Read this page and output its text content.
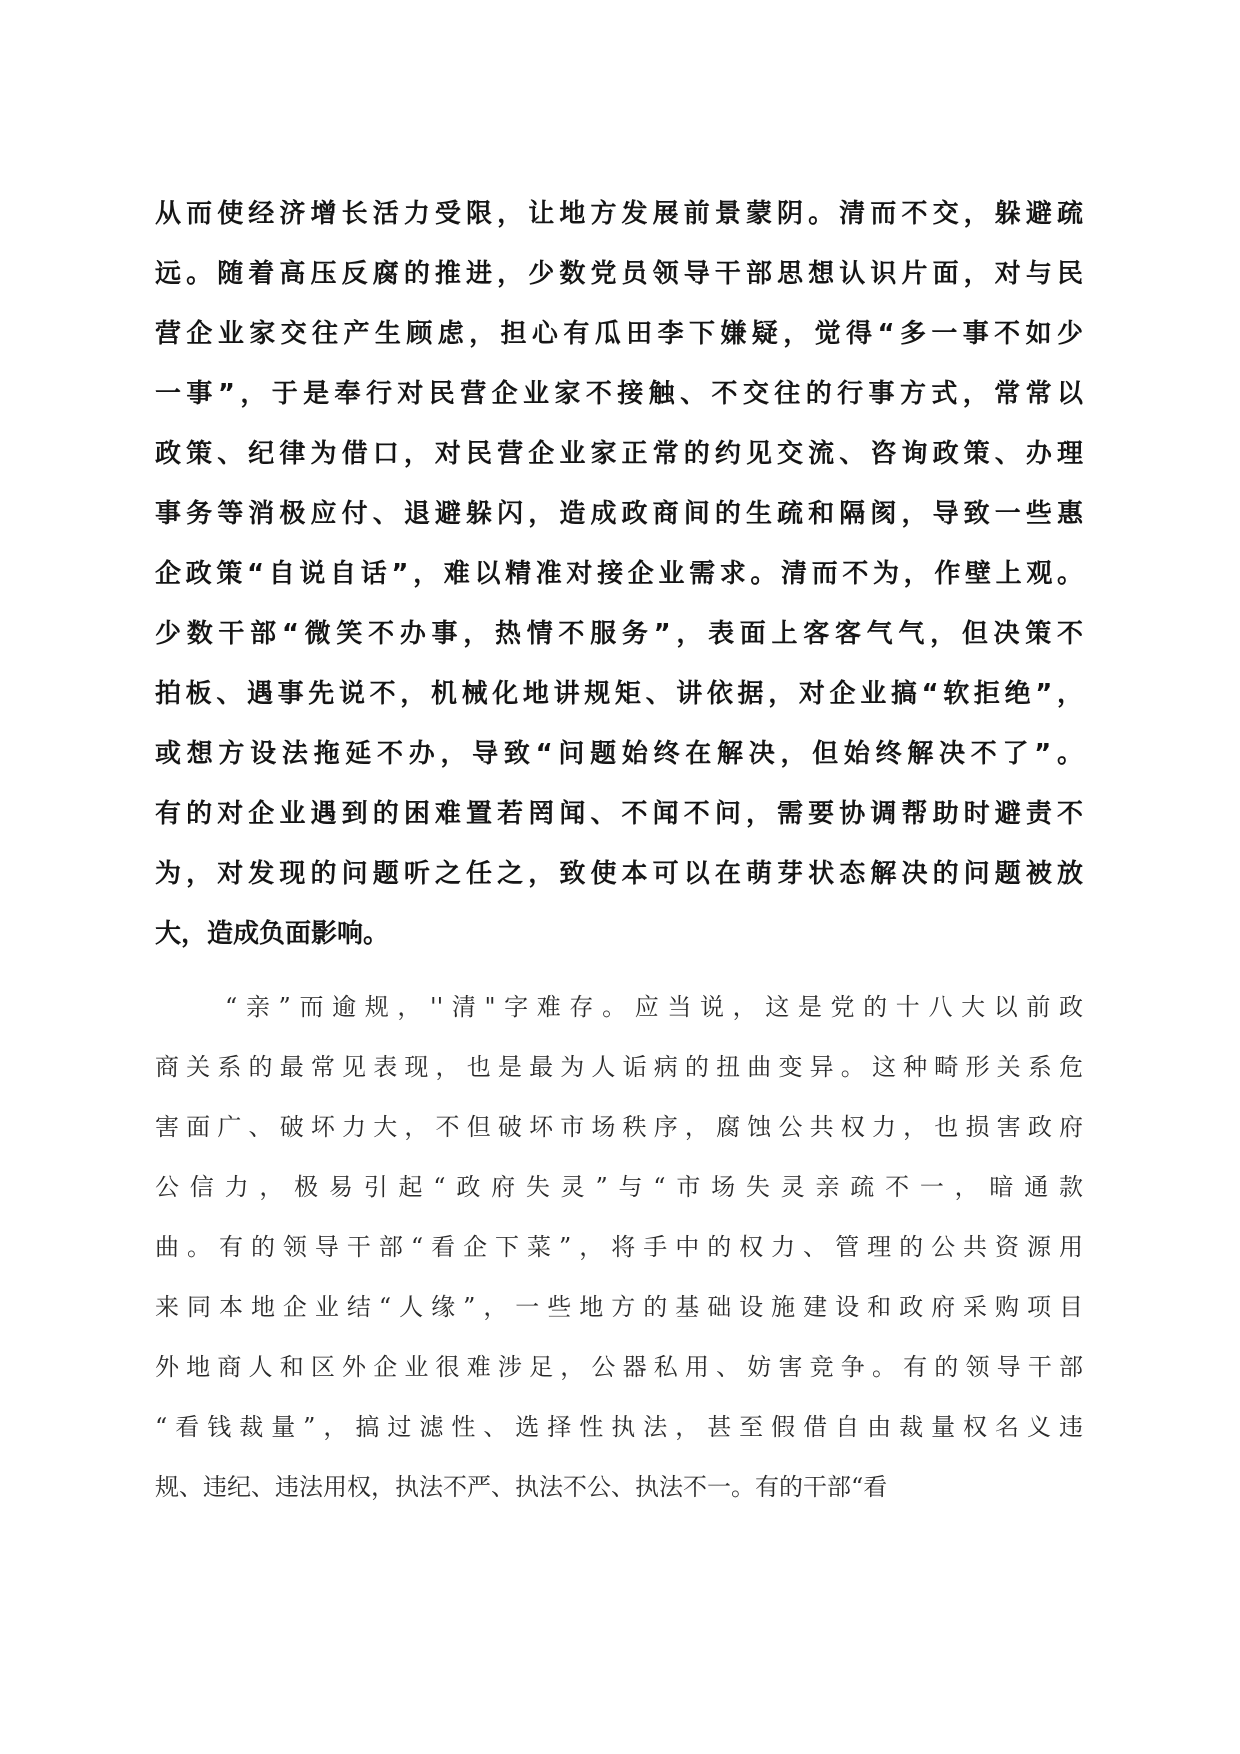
从而使经济增长活力受限，让地方发展前景蒙阴。清而不交，躲避疏
远。随着高压反腐的推进，少数党员领导干部思想认识片面，对与民
营企业家交往产生顾虑，担心有瓜田李下嫌疑，觉得“多一事不如少
一事”，于是奉行对民营企业家不接触、不交往的行事方式，常常以
政策、纪律为借口，对民营企业家正常的约见交流、咨询政策、办理
事务等消极应付、退避躲闪，造成政商间的生疏和隔阂，导致一些惠
企政策“自说自话”，难以精准对接企业需求。清而不为，作壁上观。
少数干部“微笑不办事，热情不服务”，表面上客客气气，但决策不
拍板、遇事先说不，机械化地讲规矩、讲依据，对企业搞“软拒绝”，
或想方设法拖延不办，导致“问题始终在解决，但始终解决不了”。
有的对企业遇到的困难置若罔闻、不闻不问，需要协调帮助时避责不
为，对发现的问题听之任之，致使本可以在萌芽状态解决的问题被放
大，造成负面影响。
“亲”而逾规，''清"字难存。应当说，这是党的十八大以前政
商关系的最常见表现，也是最为人诟病的扭曲变异。这种畸形关系危
害面广、破坏力大，不但破坏市场秩序，腐蚀公共权力，也损害政府
公信力，极易引起“政府失灵”与“市场失灵亲疏不一，暗通款
曲。有的领导干部“看企下菜”，将手中的权力、管理的公共资源用
来同本地企业结“人缘”，一些地方的基础设施建设和政府采购项目
外地商人和区外企业很难涉足，公器私用、妨害竞争。有的领导干部
“看钱裁量”，搞过滤性、选择性执法，甚至假借自由裁量权名义违
规、违纪、违法用权，执法不严、执法不公、执法不一。有的干部“看
